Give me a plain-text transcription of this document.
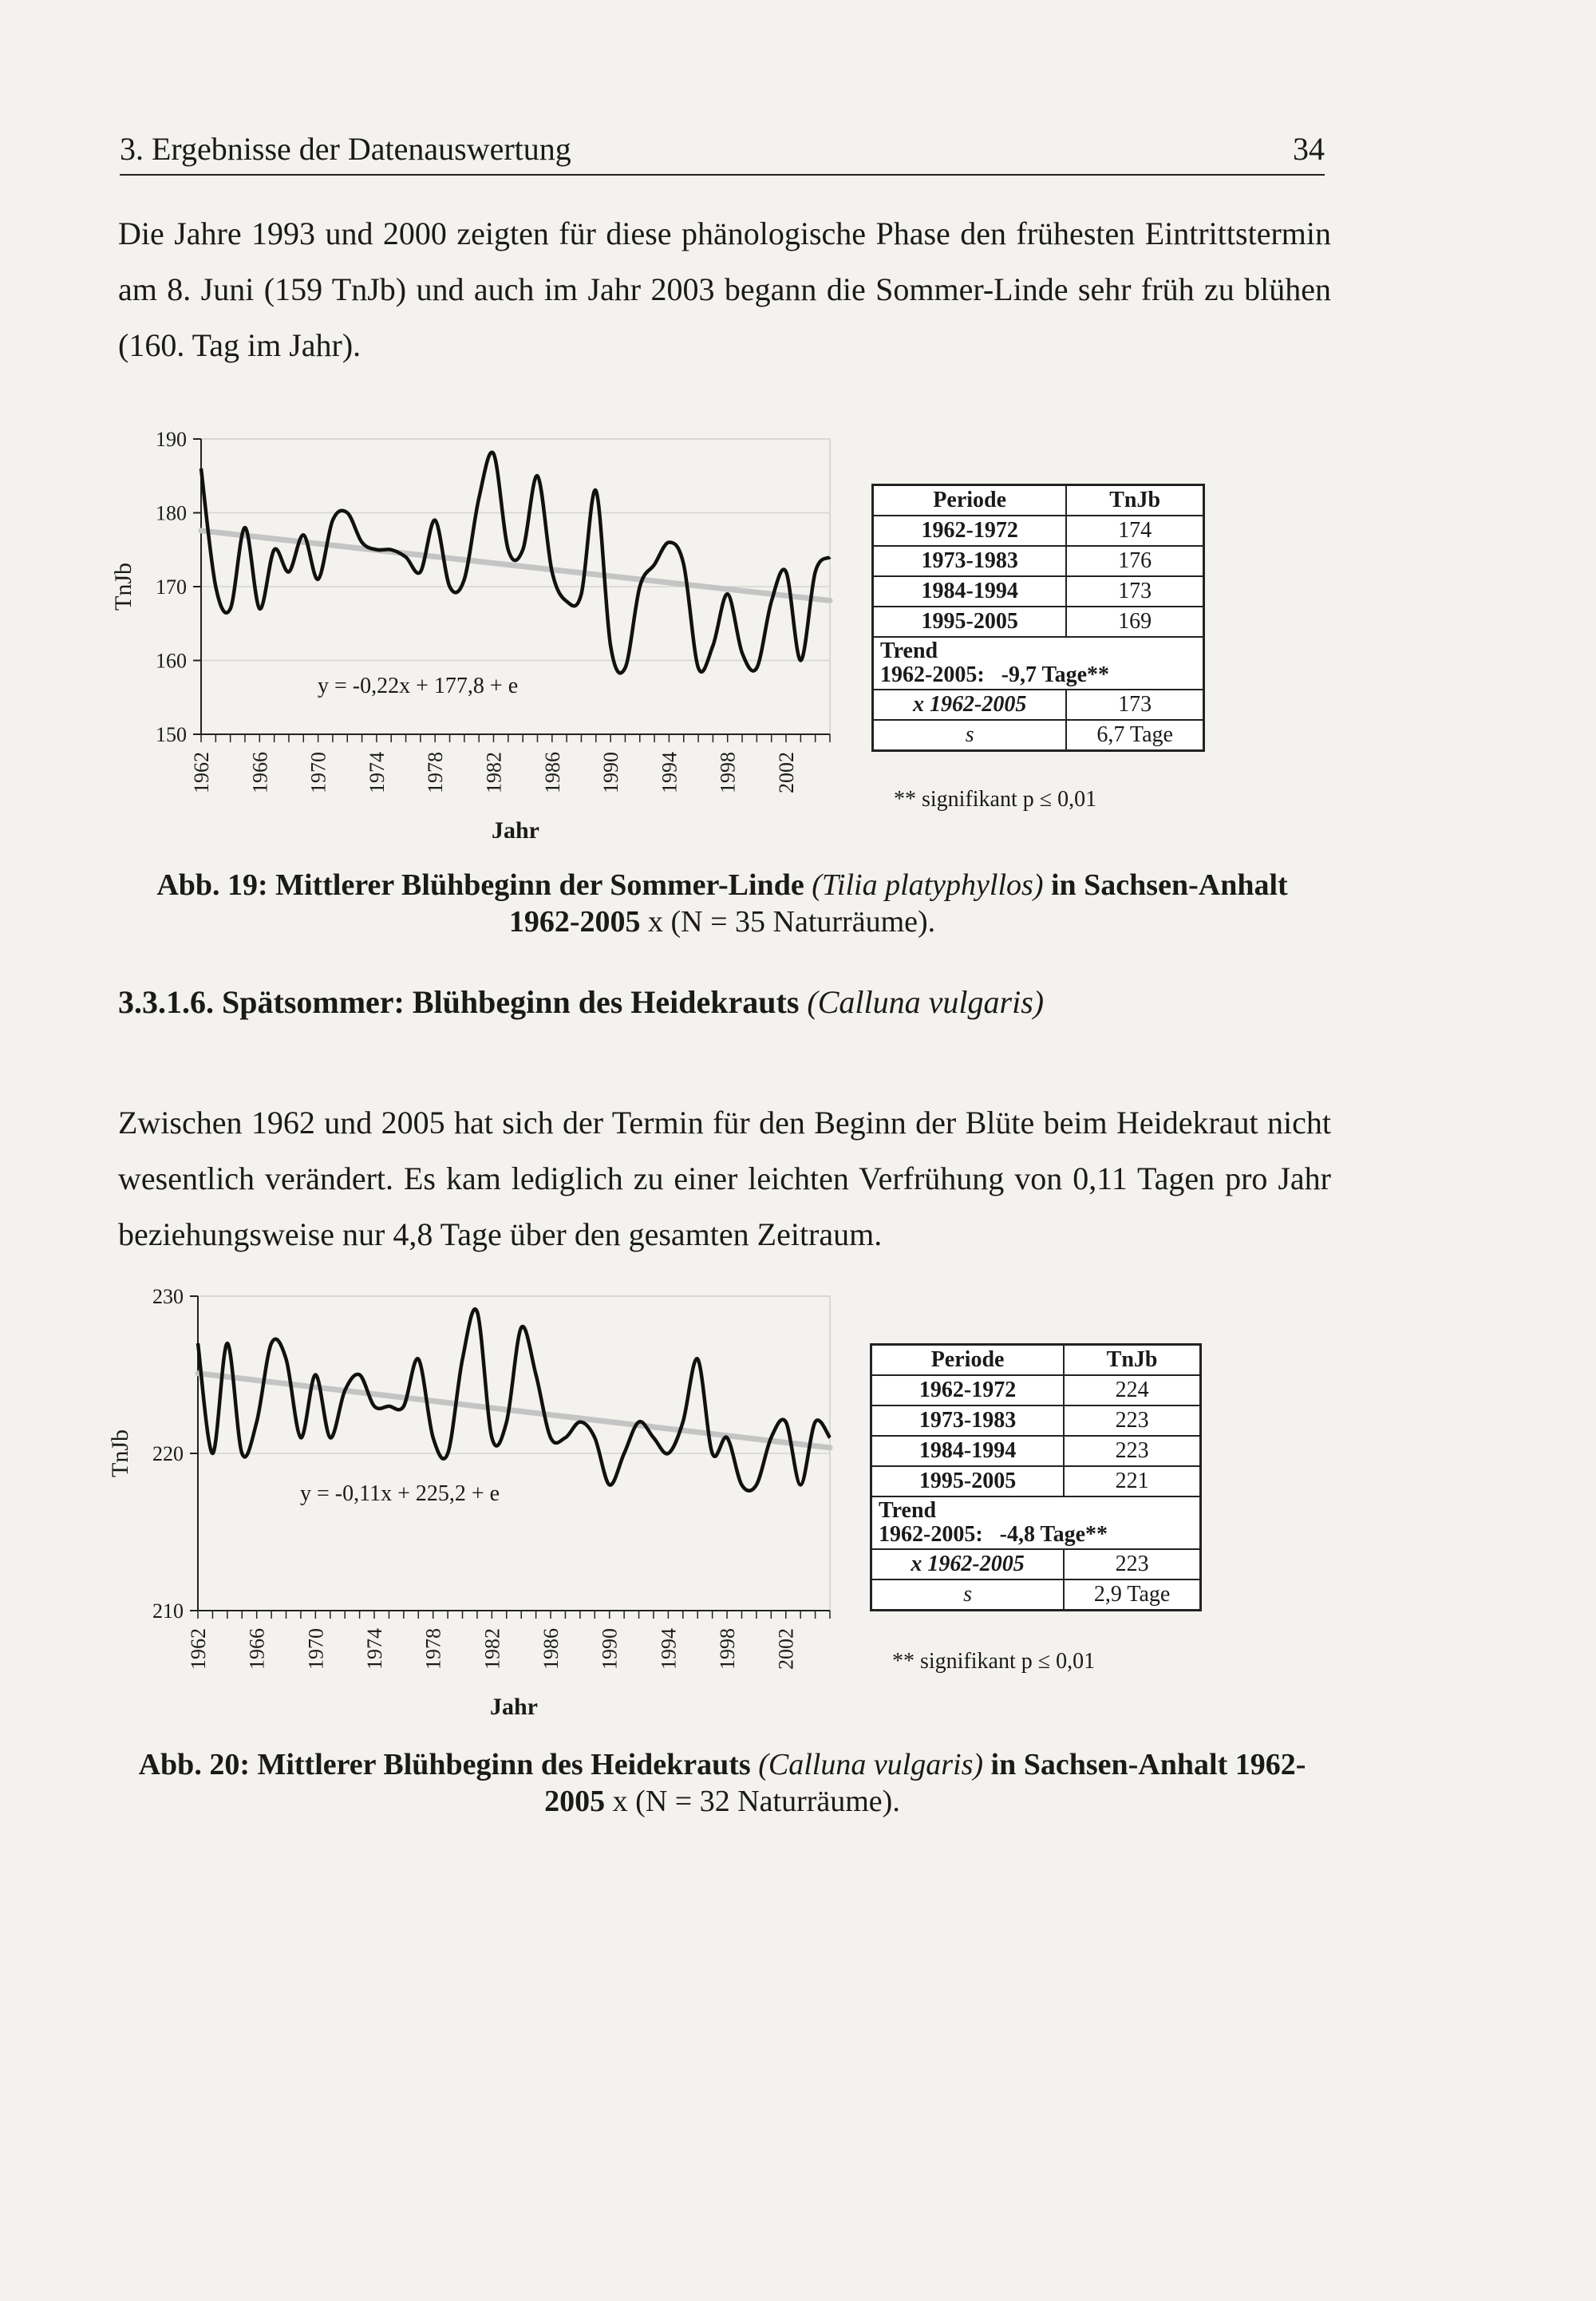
3. Ergebnisse der Datenauswertung	34
Die Jahre 1993 und 2000 zeigten für diese phänologische Phase den frühesten Eintrittstermin am 8. Juni (159 TnJb) und auch im Jahr 2003 begann die Sommer-Linde sehr früh zu blühen (160. Tag im Jahr).
150
160
170
180
190
1962 1966 1970 1974 1978 1982 1986 1990 1994 1998 2002
Jahr
TnJb
y = -0,22x + 177,8 + e
Periode	TnJb
1962-1972	174
1973-1983	176
1984-1994	173
1995-2005	169

Trend
1962-2005: -9,7 Tage**	

x 1962-2005	173
s	6,7 Tage
** signifikant p ≤ 0,01
Abb. 19: Mittlerer Blühbeginn der Sommer-Linde (Tilia platyphyllos) in Sachsen-Anhalt 1962-2005 x (N = 35 Naturräume).
3.3.1.6. Spätsommer: Blühbeginn des Heidekrauts (Calluna vulgaris)
Zwischen 1962 und 2005 hat sich der Termin für den Beginn der Blüte beim Heidekraut nicht wesentlich verändert. Es kam lediglich zu einer leichten Verfrühung von 0,11 Tagen pro Jahr beziehungsweise nur 4,8 Tage über den gesamten Zeitraum.
210
220
230
1962 1966 1970 1974 1978 1982 1986 1990 1994 1998 2002
Jahr
TnJb
y = -0,11x + 225,2 + e
Periode	TnJb
1962-1972	224
1973-1983	223
1984-1994	223
1995-2005	221

Trend
1962-2005: -4,8 Tage**	

x 1962-2005	223
s	2,9 Tage
** signifikant p ≤ 0,01
Abb. 20: Mittlerer Blühbeginn des Heidekrauts (Calluna vulgaris) in Sachsen-Anhalt 1962-2005 x (N = 32 Naturräume).
